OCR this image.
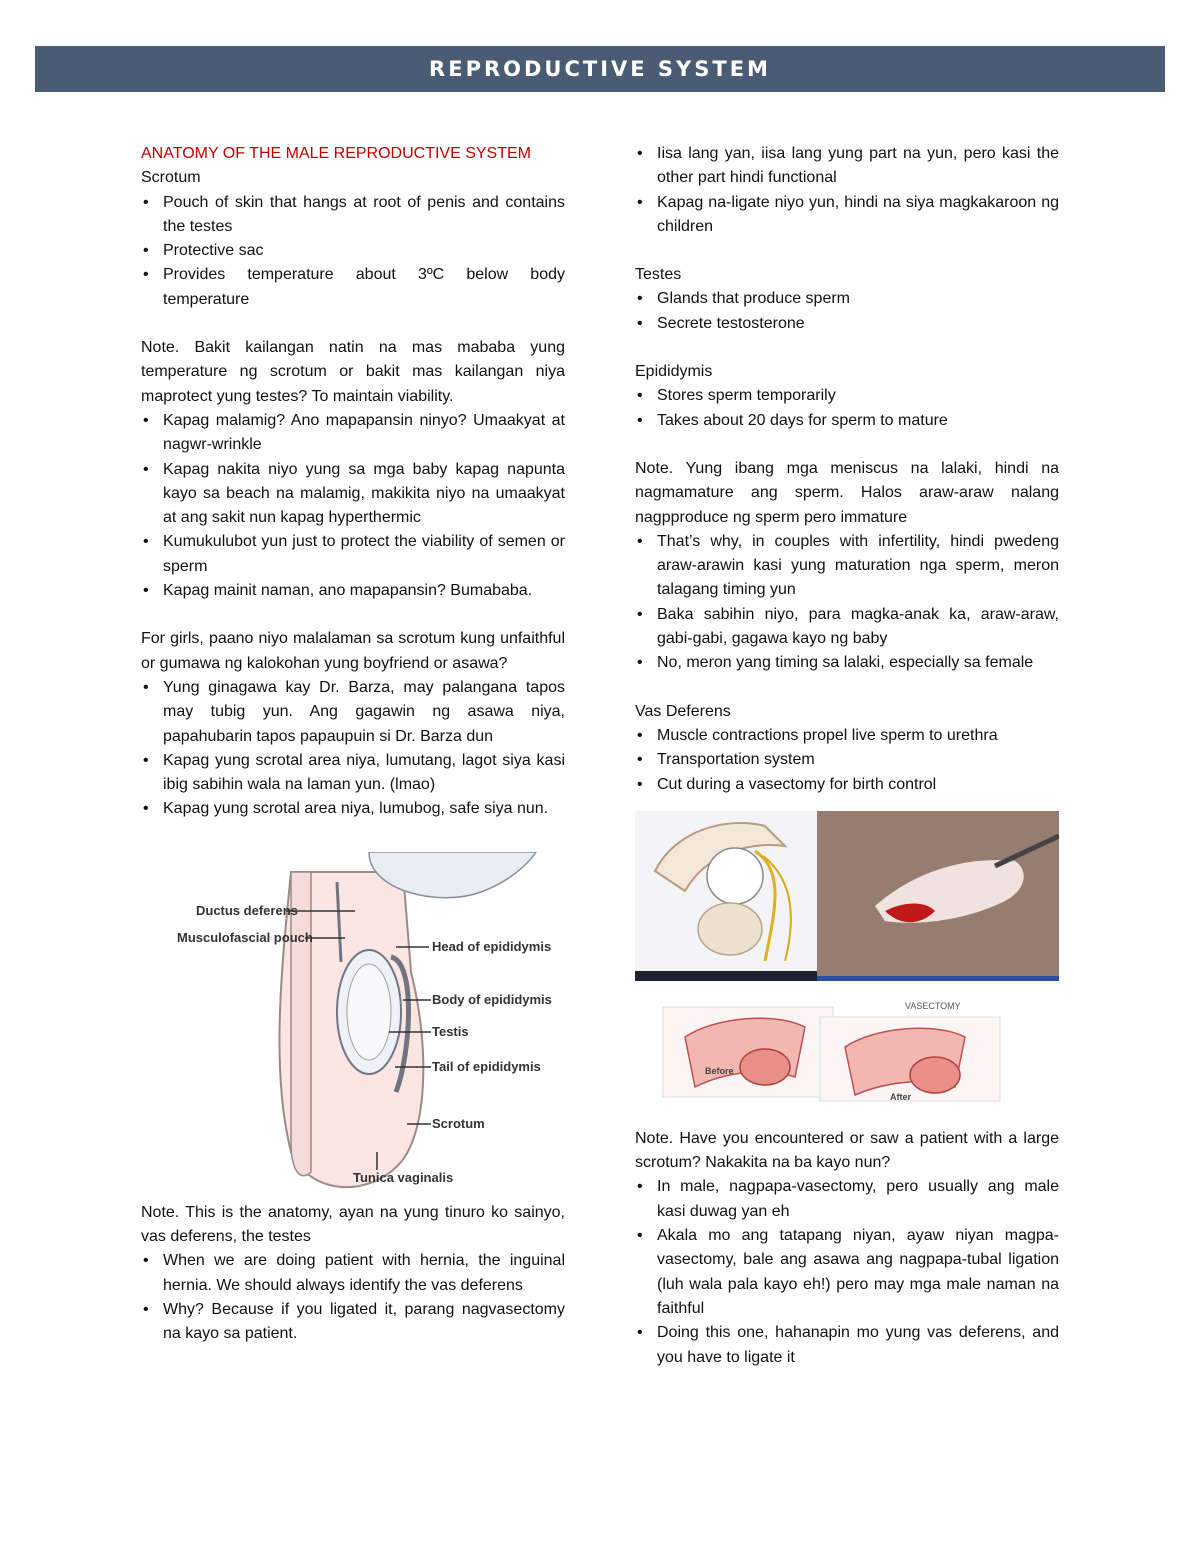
REPRODUCTIVE SYSTEM

ANATOMY OF THE MALE REPRODUCTIVE SYSTEM

Scrotum

• Pouch of skin that hangs at root of penis and contains the testes
• Protective sac
• Provides temperature about 3ºC below body temperature

Note. Bakit kailangan natin na mas mababa yung temperature ng scrotum or bakit mas kailangan niya maprotect yung testes? To maintain viability.

• Kapag malamig? Ano mapapansin ninyo? Umaakyat at nagwr-wrinkle
• Kapag nakita niyo yung sa mga baby kapag napunta kayo sa beach na malamig, makikita niyo na umaakyat at ang sakit nun kapag hyperthermic
• Kumukulubot yun just to protect the viability of semen or sperm
• Kapag mainit naman, ano mapapansin? Bumababa.

For girls, paano niyo malalaman sa scrotum kung unfaithful or gumawa ng kalokohan yung boyfriend or asawa?

• Yung ginagawa kay Dr. Barza, may palangana tapos may tubig yun. Ang gagawin ng asawa niya, papahubarin tapos papaupuin si Dr. Barza dun
• Kapag yung scrotal area niya, lumutang, lagot siya kasi ibig sabihin wala na laman yun. (lmao)
• Kapag yung scrotal area niya, lumubog, safe siya nun.
Ductus deferens
Musculofascial pouch
Head of epididymis
Body of epididymis
Testis
Tail of epididymis
Scrotum
Tunica vaginalis

Note. This is the anatomy, ayan na yung tinuro ko sainyo, vas deferens, the testes

• When we are doing patient with hernia, the inguinal hernia. We should always identify the vas deferens
• Why? Because if you ligated it, parang nagvasectomy na kayo sa patient.
• Iisa lang yan, iisa lang yung part na yun, pero kasi the other part hindi functional
• Kapag na-ligate niyo yun, hindi na siya magkakaroon ng children

Testes

• Glands that produce sperm
• Secrete testosterone

Epididymis

• Stores sperm temporarily
• Takes about 20 days for sperm to mature

Note. Yung ibang mga meniscus na lalaki, hindi na nagmamature ang sperm. Halos araw-araw nalang nagpproduce ng sperm pero immature

• That’s why, in couples with infertility, hindi pwedeng araw-arawin kasi yung maturation nga sperm, meron talagang timing yun
• Baka sabihin niyo, para magka-anak ka, araw-araw, gabi-gabi, gagawa kayo ng baby
• No, meron yang timing sa lalaki, especially sa female

Vas Deferens

• Muscle contractions propel live sperm to urethra
• Transportation system
• Cut during a vasectomy for birth control
VASECTOMY
Before
After

Note. Have you encountered or saw a patient with a large scrotum? Nakakita na ba kayo nun?

• In male, nagpapa-vasectomy, pero usually ang male kasi duwag yan eh
• Akala mo ang tatapang niyan, ayaw niyan magpa-vasectomy, bale ang asawa ang nagpapa-tubal ligation (luh wala pala kayo eh!) pero may mga male naman na faithful
• Doing this one, hahanapin mo yung vas deferens, and you have to ligate it
